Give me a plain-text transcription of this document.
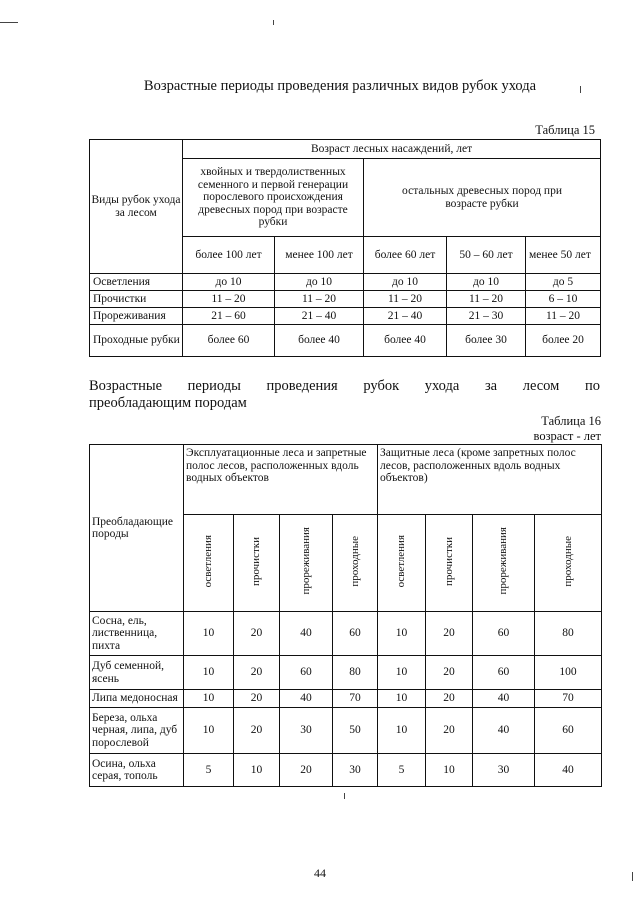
Возрастные периоды проведения различных видов рубок ухода
Таблица 15
Виды рубок ухода за лесом	Возраст лесных насаждений, лет				
	хвойных и твердолиственных семенного и первой генерации порослевого происхождения древесных пород при возрасте рубки		остальных древесных пород при возрасте рубки		
	более 100 лет	менее 100 лет	более 60 лет	50 – 60 лет	менее 50 лет
Осветления	до 10	до 10	до 10	до 10	до 5
Прочистки	11 – 20	11 – 20	11 – 20	11 – 20	6 – 10
Прореживания	21 – 60	21 – 40	21 – 40	21 – 30	11 – 20
Проходные рубки	более 60	более 40	более 40	более 30	более 20
Возрастные периоды проведения рубок ухода за лесом по
преобладающим породам
Таблица 16
возраст - лет
Преобладающие породы	Эксплуатационные леса и запретные полос лесов, расположенных вдоль водных объектов				Защитные леса (кроме запретных полос лесов, расположенных вдоль водных объектов)			
	осветления	прочистки	прореживания	проходные	осветления	прочистки	прореживания	проходные
Сосна, ель, лиственница, пихта	10	20	40	60	10	20	60	80
Дуб семенной, ясень	10	20	60	80	10	20	60	100
Липа медоносная	10	20	40	70	10	20	40	70
Береза, ольха черная, липа, дуб порослевой	10	20	30	50	10	20	40	60
Осина, ольха серая, тополь	5	10	20	30	5	10	30	40
44
